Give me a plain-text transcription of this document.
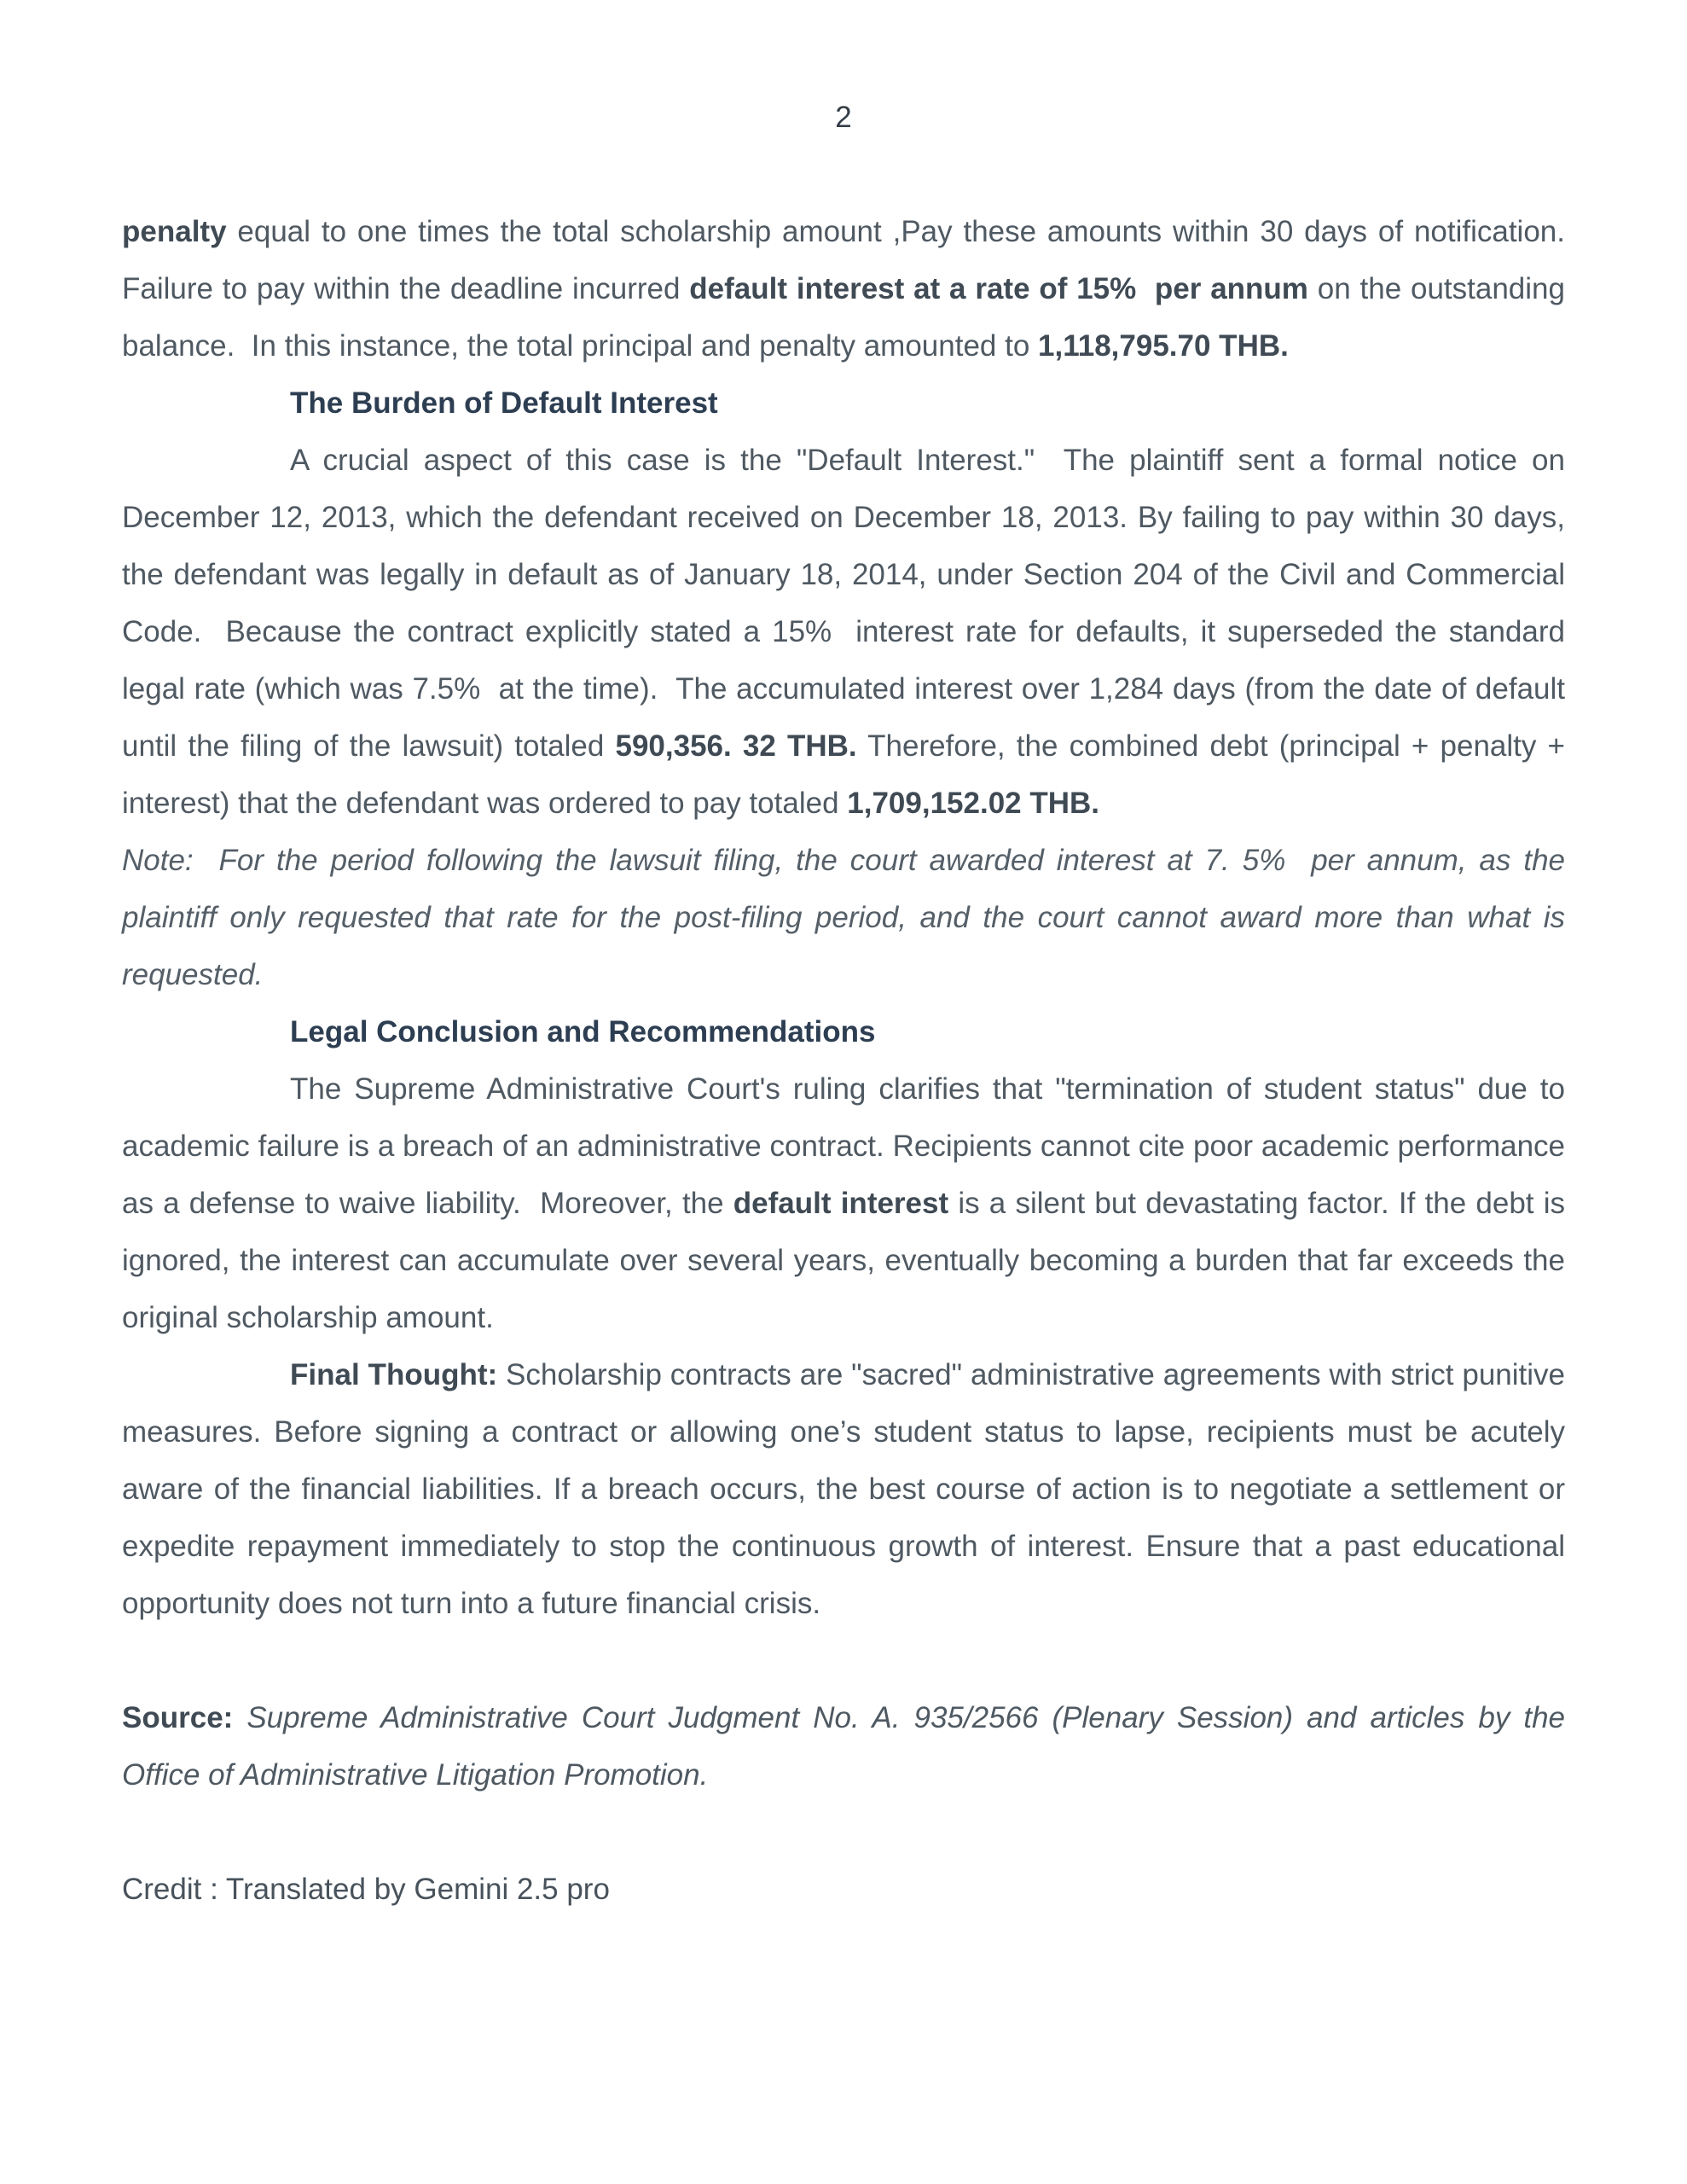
2

penalty equal to one times the total scholarship amount ,Pay these amounts within 30 days of notification.  Failure to pay within the deadline incurred default interest at a rate of 15%  per annum on the outstanding balance.  In this instance, the total principal and penalty amounted to 1,118,795.70 THB.

The Burden of Default Interest

A crucial aspect of this case is the "Default Interest."  The plaintiff sent a formal notice on December 12, 2013, which the defendant received on December 18, 2013. By failing to pay within 30 days, the defendant was legally in default as of January 18, 2014, under Section 204 of the Civil and Commercial Code.  Because the contract explicitly stated a 15%  interest rate for defaults, it superseded the standard legal rate (which was 7.5%  at the time).  The accumulated interest over 1,284 days (from the date of default until the filing of the lawsuit) totaled 590,356. 32 THB. Therefore, the combined debt (principal + penalty + interest) that the defendant was ordered to pay totaled 1,709,152.02 THB.

Note:  For the period following the lawsuit filing, the court awarded interest at 7. 5%  per annum, as the plaintiff only requested that rate for the post-filing period, and the court cannot award more than what is requested.

Legal Conclusion and Recommendations

The Supreme Administrative Court's ruling clarifies that "termination of student status" due to academic failure is a breach of an administrative contract. Recipients cannot cite poor academic performance as a defense to waive liability.  Moreover, the default interest is a silent but devastating factor. If the debt is ignored, the interest can accumulate over several years, eventually becoming a burden that far exceeds the original scholarship amount.

Final Thought: Scholarship contracts are "sacred" administrative agreements with strict punitive measures. Before signing a contract or allowing one’s student status to lapse, recipients must be acutely aware of the financial liabilities. If a breach occurs, the best course of action is to negotiate a settlement or expedite repayment immediately to stop the continuous growth of interest. Ensure that a past educational opportunity does not turn into a future financial crisis.

Source: Supreme Administrative Court Judgment No. A. 935/2566 (Plenary Session) and articles by the Office of Administrative Litigation Promotion.

Credit : Translated by Gemini 2.5 pro
